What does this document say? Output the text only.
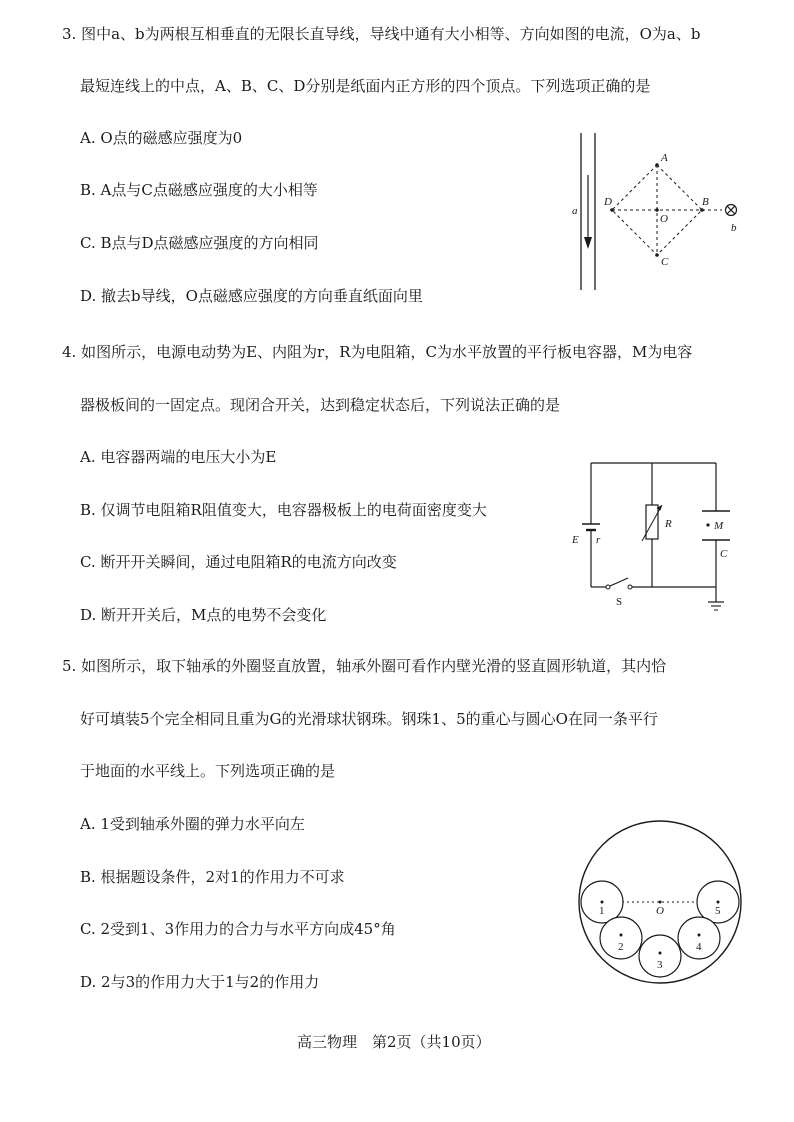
3. 图中a、b为两根互相垂直的无限长直导线，导线中通有大小相等、方向如图的电流，O为a、b
最短连线上的中点，A、B、C、D分别是纸面内正方形的四个顶点。下列选项正确的是
A. O点的磁感应强度为0
B. A点与C点磁感应强度的大小相等
C. B点与D点磁感应强度的方向相同
D. 撤去b导线，O点磁感应强度的方向垂直纸面向里
a
A
B
C
D
O
b
4. 如图所示，电源电动势为E、内阻为r，R为电阻箱，C为水平放置的平行板电容器，M为电容
器极板间的一固定点。现闭合开关，达到稳定状态后，下列说法正确的是
A. 电容器两端的电压大小为E
B. 仅调节电阻箱R阻值变大，电容器极板上的电荷面密度变大
C. 断开开关瞬间，通过电阻箱R的电流方向改变
D. 断开开关后，M点的电势不会变化
E r
S
R	M
C
5. 如图所示，取下轴承的外圈竖直放置，轴承外圈可看作内壁光滑的竖直圆形轨道，其内恰
好可填装5个完全相同且重为G的光滑球状钢珠。钢珠1、5的重心与圆心O在同一条平行
于地面的水平线上。下列选项正确的是
A. 1受到轴承外圈的弹力水平向左
B. 根据题设条件，2对1的作用力不可求
C. 2受到1、3作用力的合力与水平方向成45°角
D. 2与3的作用力大于1与2的作用力
1	5
2	4
3
O
高三物理　第2页（共10页）
